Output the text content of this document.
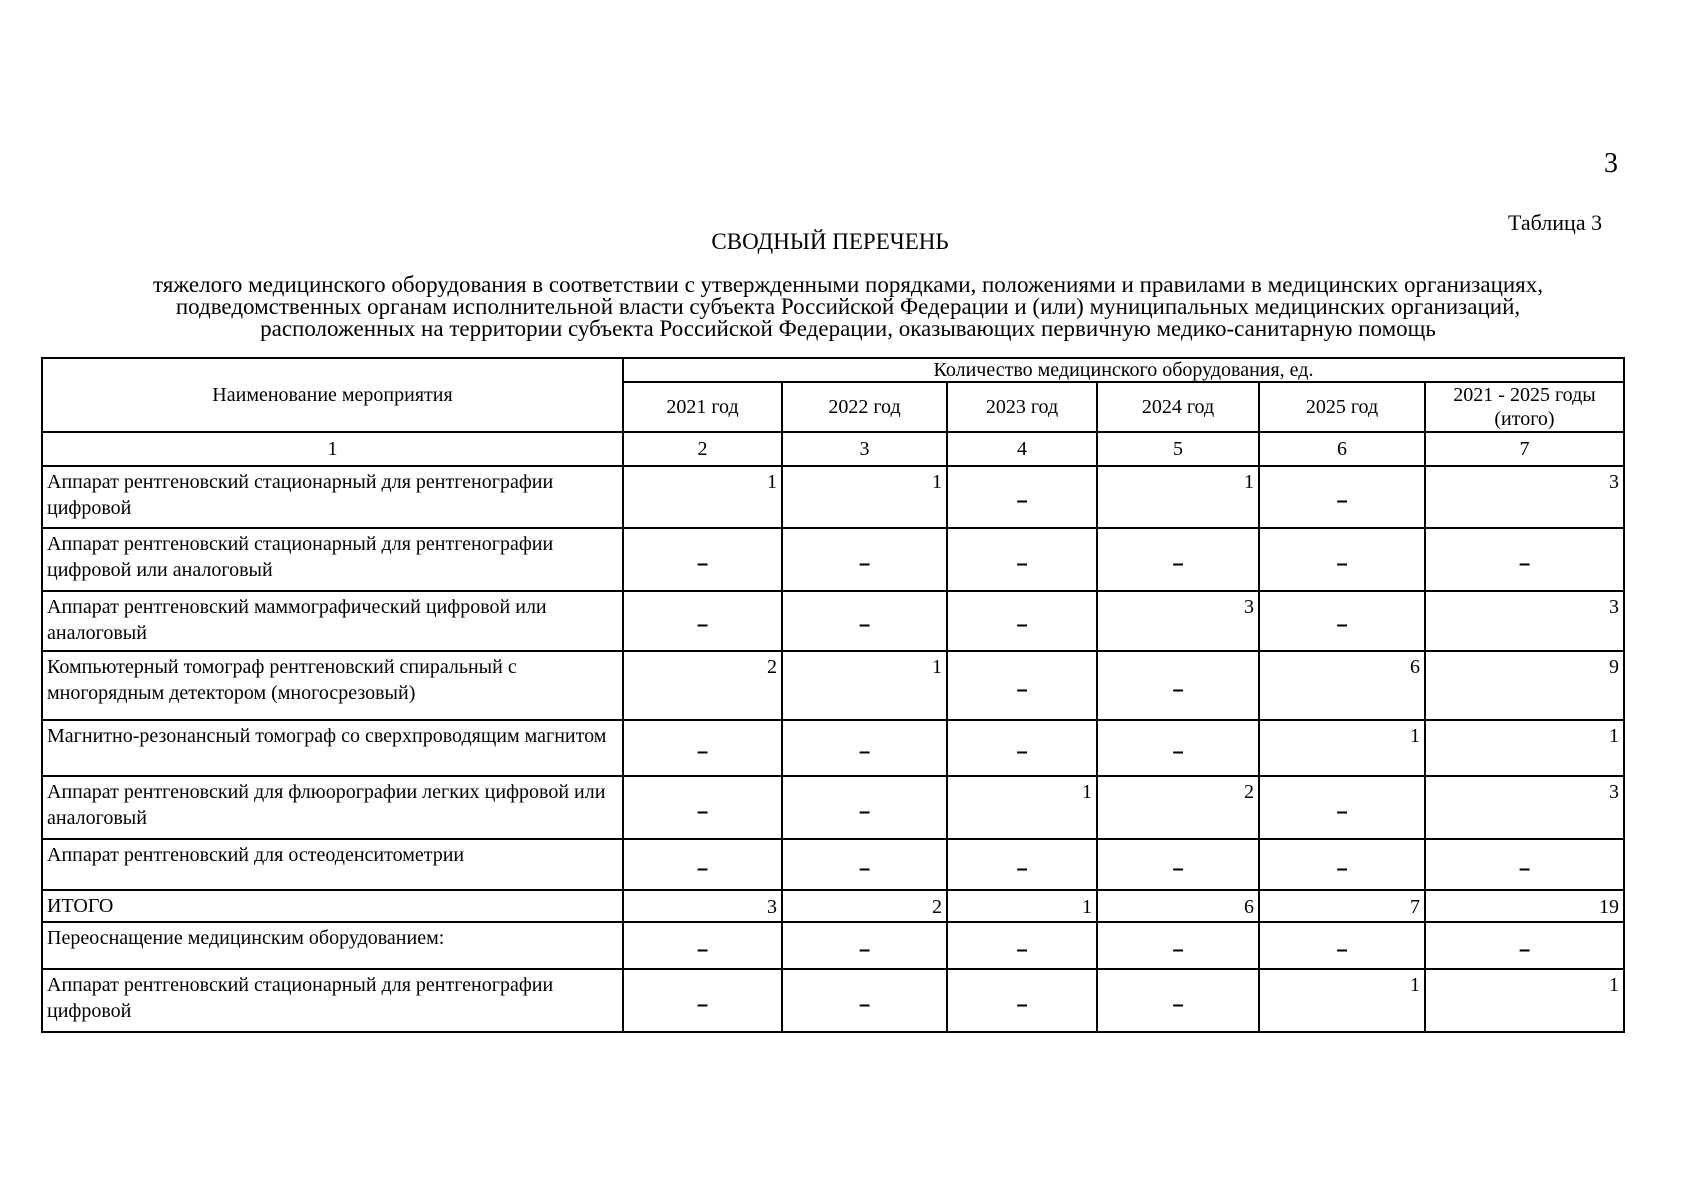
3
Таблица 3
СВОДНЫЙ ПЕРЕЧЕНЬ
тяжелого медицинского оборудования в соответствии с утвержденными порядками, положениями и правилами в медицинских организациях,
подведомственных органам исполнительной власти субъекта Российской Федерации и (или) муниципальных медицинских организаций,
расположенных на территории субъекта Российской Федерации, оказывающих первичную медико-санитарную помощь
Наименование мероприятия	Количество медицинского оборудования, ед.					
	2021 год	2022 год	2023 год	2024 год	2025 год	2021 - 2025 годы
(итого)

1	2	3	4	5	6	7
Аппарат рентгеновский стационарный для рентгенографии цифровой	1	1	–	1	–	3
Аппарат рентгеновский стационарный для рентгенографии цифровой или аналоговый	–	–	–	–	–	–
Аппарат рентгеновский маммографический цифровой или аналоговый	–	–	–	3	–	3
Компьютерный томограф рентгеновский спиральный с многорядным детектором (многосрезовый)	2	1	–	–	6	9
Магнитно-резонансный томограф со сверхпроводящим магнитом	–	–	–	–	1	1
Аппарат рентгеновский для флюорографии легких цифровой или аналоговый	–	–	1	2	–	3
Аппарат рентгеновский для остеоденситометрии	–	–	–	–	–	–
ИТОГО	3	2	1	6	7	19
Переоснащение медицинским оборудованием:	–	–	–	–	–	–
Аппарат рентгеновский стационарный для рентгенографии цифровой	–	–	–	–	1	1
